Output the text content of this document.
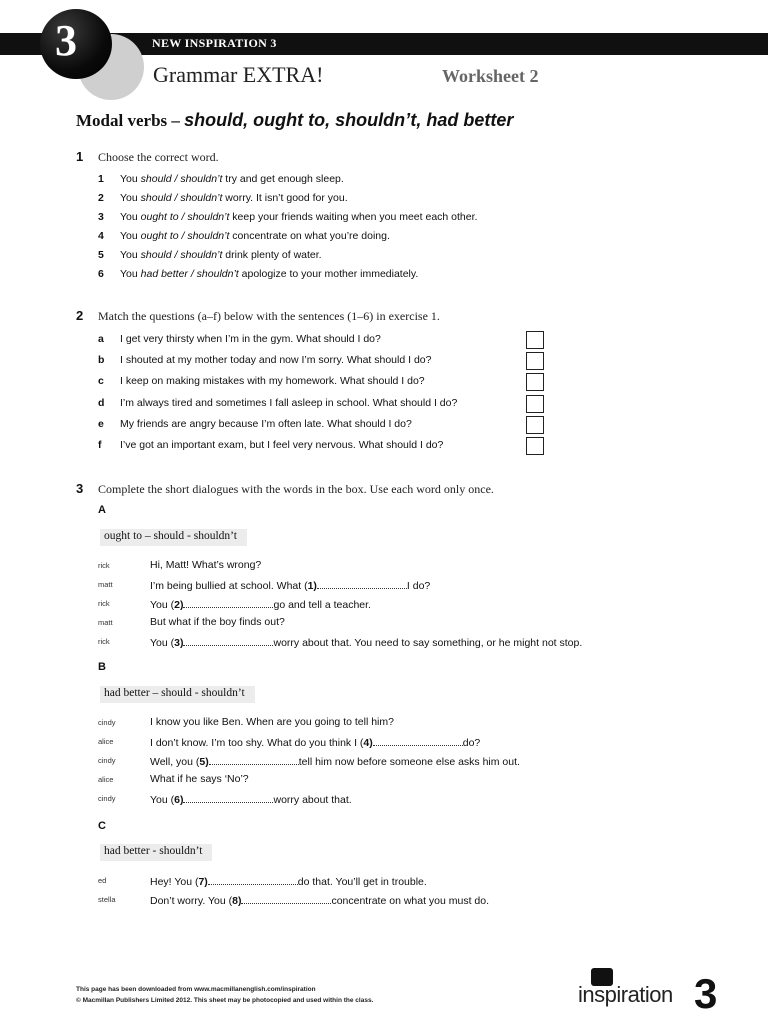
NEW INSPIRATION 3
3
Grammar EXTRA!	Worksheet 2
Modal verbs – should, ought to, shouldn’t, had better
1 Choose the correct word.
1 You should / shouldn’t try and get enough sleep.
2 You should / shouldn’t worry. It isn’t good for you.
3 You ought to / shouldn’t keep your friends waiting when you meet each other.
4 You ought to / shouldn’t concentrate on what you’re doing.
5 You should / shouldn’t drink plenty of water.
6 You had better / shouldn’t apologize to your mother immediately.
2 Match the questions (a–f) below with the sentences (1–6) in exercise 1.
a I get very thirsty when I’m in the gym. What should I do?
b I shouted at my mother today and now I’m sorry. What should I do?
c I keep on making mistakes with my homework. What should I do?
d I’m always tired and sometimes I fall asleep in school. What should I do?
e My friends are angry because I’m often late. What should I do?
f I’ve got an important exam, but I feel very nervous. What should I do?
3 Complete the short dialogues with the words in the box. Use each word only once.
A
ought to – should - shouldn’t
rick	Hi, Matt! What’s wrong?
matt	I’m being bullied at school. What (1)	I do?
rick	You (2)	go and tell a teacher.
matt	But what if the boy finds out?
rick	You (3)	worry about that. You need to say something, or he might not stop.
B
had better – should - shouldn’t
cindy	I know you like Ben. When are you going to tell him?
alice	I don’t know. I’m too shy. What do you think I (4)	do?
cindy	Well, you (5)	tell him now before someone else asks him out.
alice	What if he says ‘No’?
cindy	You (6)	worry about that.
C
had better - shouldn’t
ed	Hey! You (7)	do that. You’ll get in trouble.
stella	Don’t worry. You (8)	concentrate on what you must do.
This page has been downloaded from www.macmillanenglish.com/inspiration
© Macmillan Publishers Limited 2012. This sheet may be photocopied and used within the class.	inspiration 3
